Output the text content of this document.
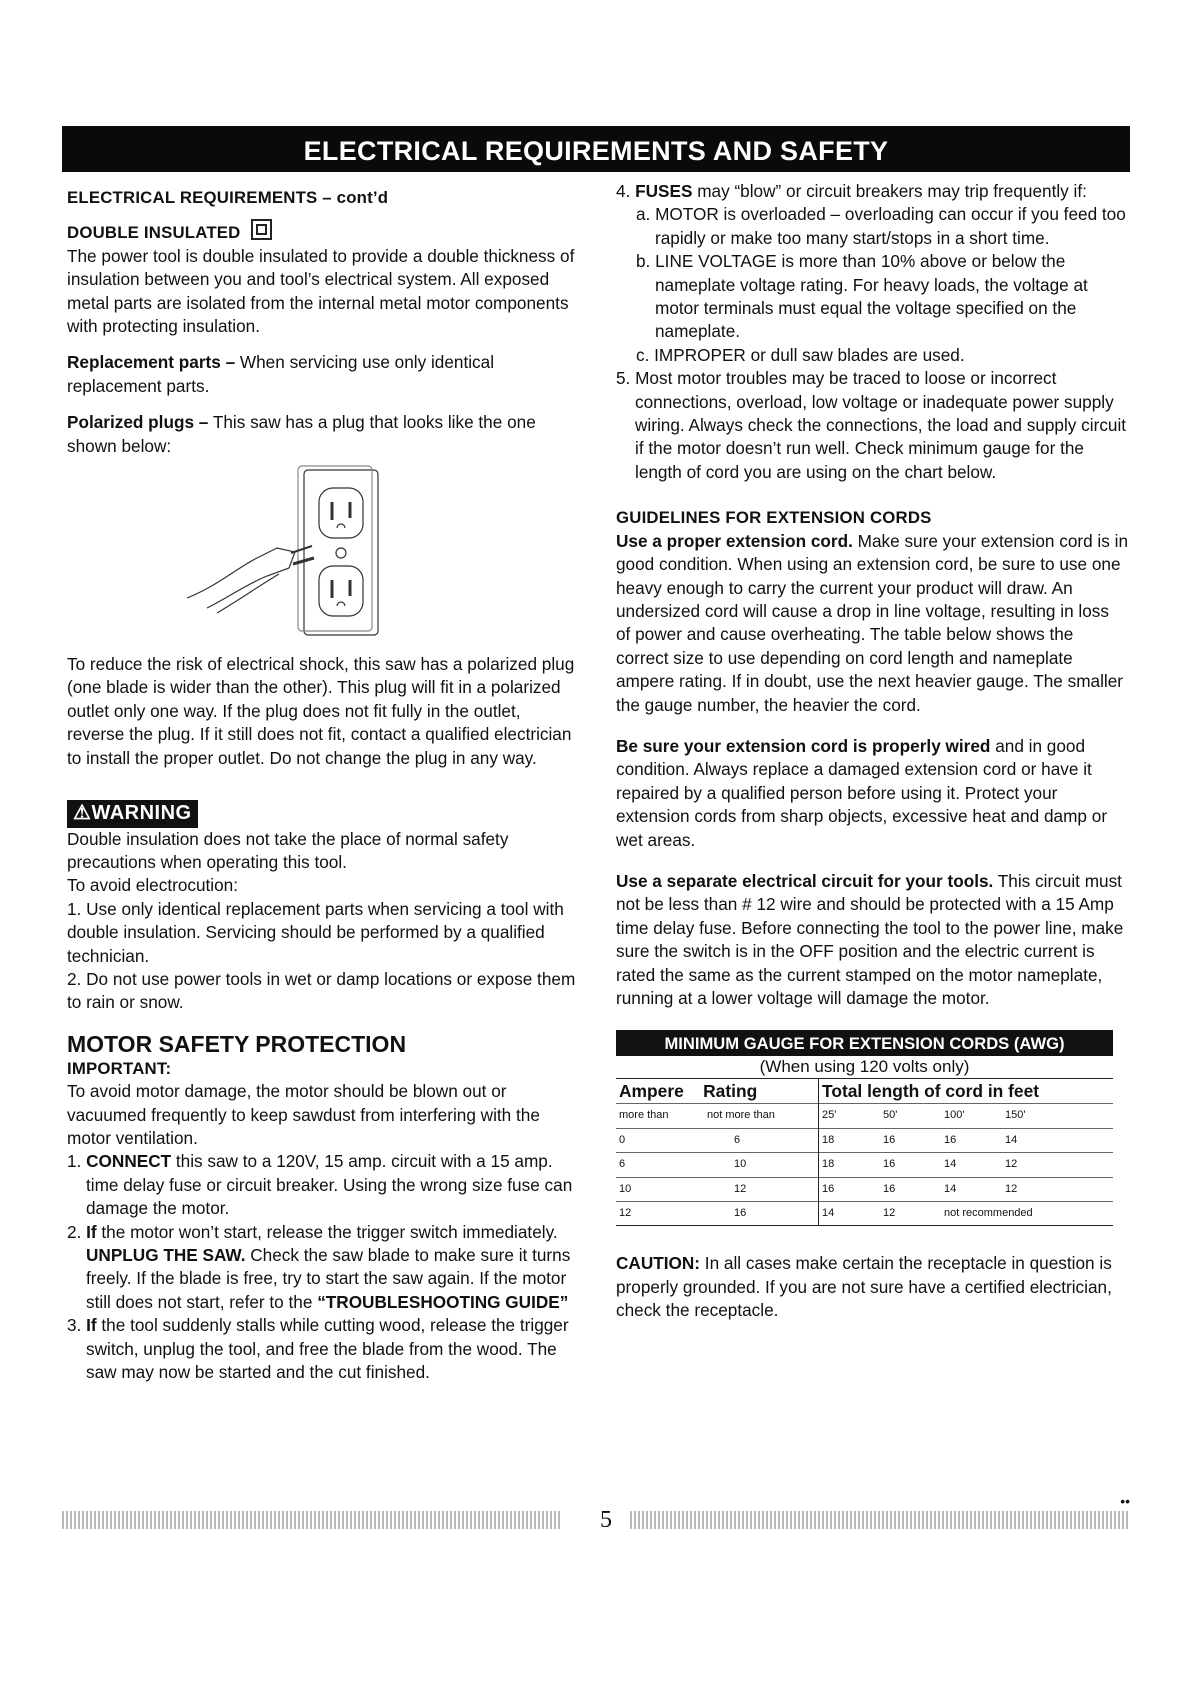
ELECTRICAL REQUIREMENTS AND SAFETY

ELECTRICAL REQUIREMENTS – cont’d

DOUBLE INSULATED

The power tool is double insulated to provide a double thickness of insulation between you and tool’s electrical system. All exposed metal parts are isolated from the internal metal motor components with protecting insulation.

Replacement parts – When servicing use only identical replacement parts.

Polarized plugs – This saw has a plug that looks like the one shown below:

To reduce the risk of electrical shock, this saw has a polarized plug (one blade is wider than the other). This plug will fit in a polarized outlet only one way. If the plug does not fit fully in the outlet, reverse the plug. If it still does not fit, contact a qualified electrician to install the proper outlet. Do not change the plug in any way.

⚠WARNING

Double insulation does not take the place of normal safety precautions when operating this tool.

To avoid electrocution:

1. Use only identical replacement parts when servicing a tool with double insulation. Servicing should be performed by a qualified technician.

2. Do not use power tools in wet or damp locations or expose them to rain or snow.

MOTOR SAFETY PROTECTION

IMPORTANT:

To avoid motor damage, the motor should be blown out or vacuumed frequently to keep sawdust from interfering with the motor ventilation.

1. CONNECT this saw to a 120V, 15 amp. circuit with a 15 amp. time delay fuse or circuit breaker. Using the wrong size fuse can damage the motor.

2. If the motor won’t start, release the trigger switch immediately. UNPLUG THE SAW. Check the saw blade to make sure it turns freely. If the blade is free, try to start the saw again. If the motor still does not start, refer to the “TROUBLESHOOTING GUIDE”

3. If the tool suddenly stalls while cutting wood, release the trigger switch, unplug the tool, and free the blade from the wood. The saw may now be started and the cut finished.

4. FUSES may “blow” or circuit breakers may trip frequently if:

a. MOTOR is overloaded – overloading can occur if you feed too rapidly or make too many start/stops in a short time.

b. LINE VOLTAGE is more than 10% above or below the nameplate voltage rating. For heavy loads, the voltage at motor terminals must equal the voltage specified on the nameplate.

c. IMPROPER or dull saw blades are used.

5. Most motor troubles may be traced to loose or incorrect connections, overload, low voltage or inadequate power supply wiring. Always check the connections, the load and supply circuit if the motor doesn’t run well. Check minimum gauge for the length of cord you are using on the chart below.

GUIDELINES FOR EXTENSION CORDS

Use a proper extension cord. Make sure your extension cord is in good condition. When using an extension cord, be sure to use one heavy enough to carry the current your product will draw. An undersized cord will cause a drop in line voltage, resulting in loss of power and cause overheating. The table below shows the correct size to use depending on cord length and nameplate ampere rating. If in doubt, use the next heavier gauge. The smaller the gauge number, the heavier the cord.

Be sure your extension cord is properly wired and in good condition. Always replace a damaged extension cord or have it repaired by a qualified person before using it. Protect your extension cords from sharp objects, excessive heat and damp or wet areas.

Use a separate electrical circuit for your tools. This circuit must not be less than # 12 wire and should be protected with a 15 Amp time delay fuse. Before connecting the tool to the power line, make sure the switch is in the OFF position and the electric current is rated the same as the current stamped on the motor nameplate, running at a lower voltage will damage the motor.

MINIMUM GAUGE FOR EXTENSION CORDS (AWG)
(When using 120 volts only)
Ampere Rating		Total length of cord in feet			
more than	not more than	25'	50'	100'	150'
0	6	18	16	16	14
6	10	18	16	14	12
10	12	16	16	14	12
12	16	14	12	not recommended	

CAUTION: In all cases make certain the receptacle in question is properly grounded. If you are not sure have a certified electrician, check the receptacle.

5
••
